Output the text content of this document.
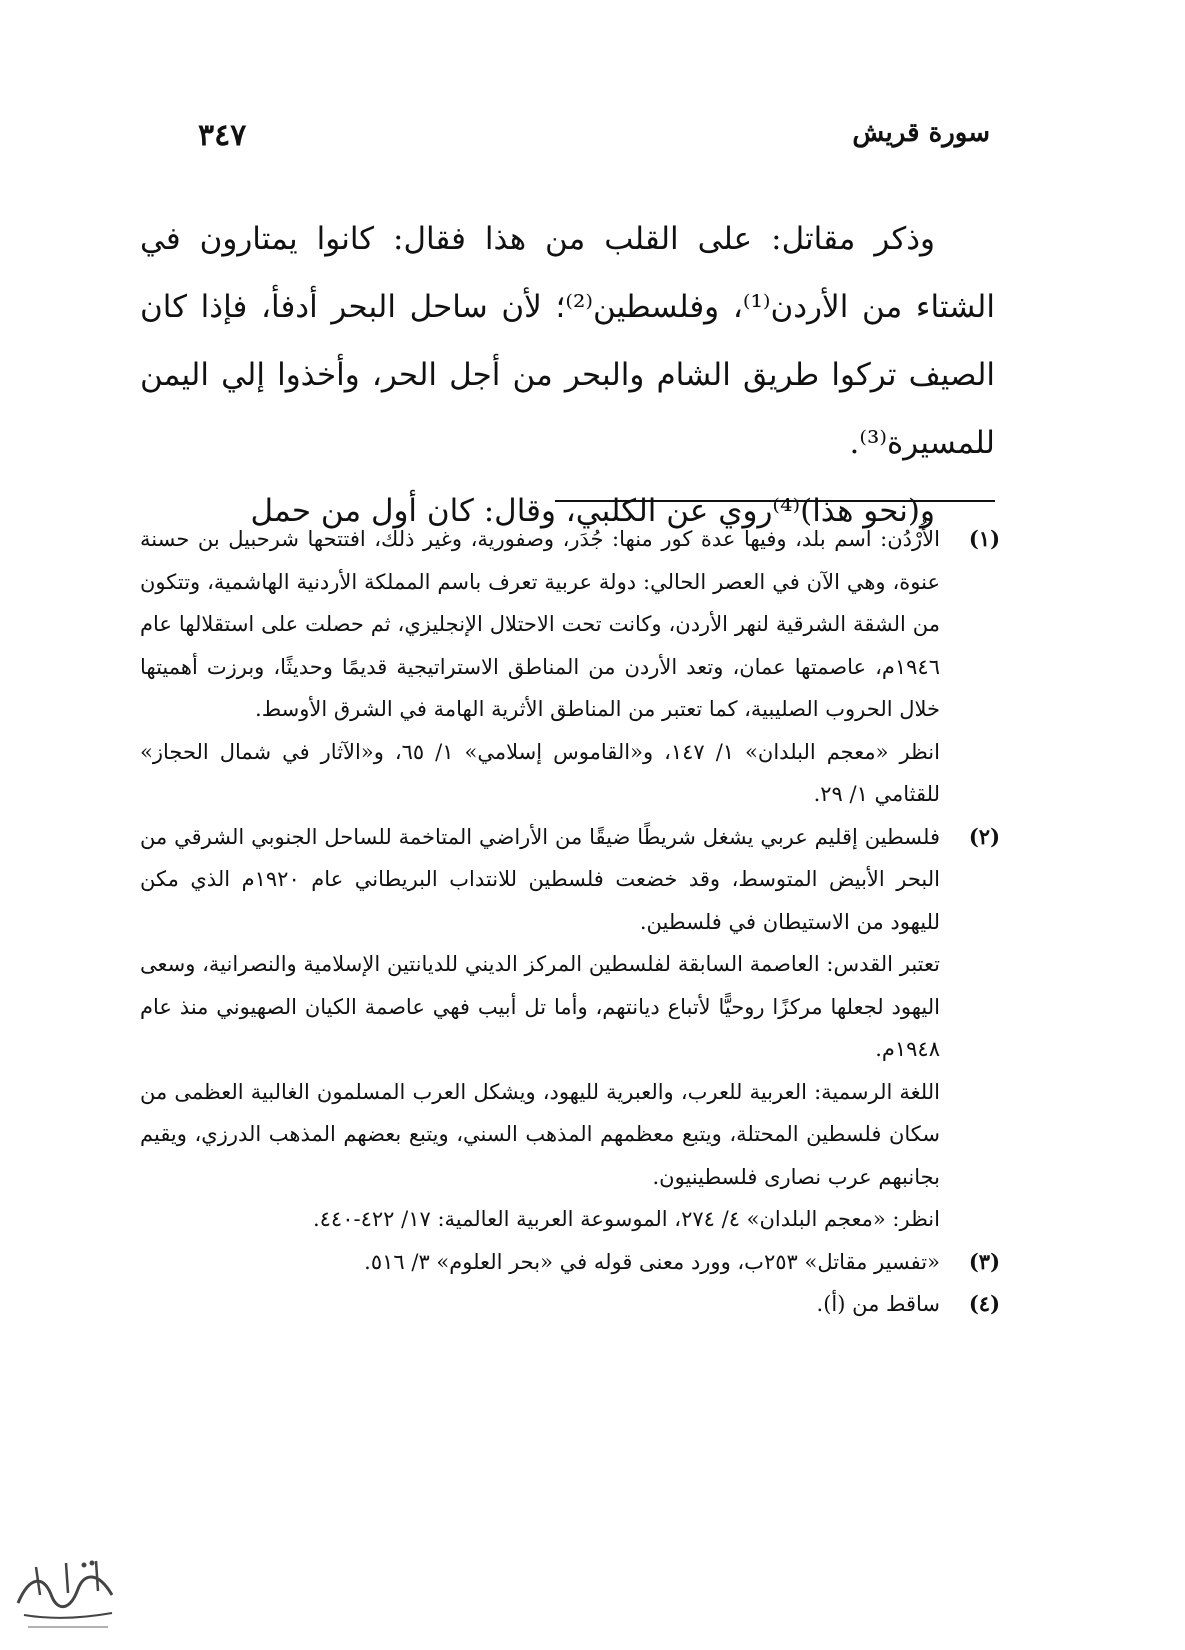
سورة قريش
٣٤٧

وذكر مقاتل: على القلب من هذا فقال: كانوا يمتارون في الشتاء من الأردن⁽¹⁾، وفلسطين⁽²⁾؛ لأن ساحل البحر أدفأ، فإذا كان الصيف تركوا طريق الشام والبحر من أجل الحر، وأخذوا إلي اليمن للمسيرة⁽³⁾.

و(نحو هذا)⁽⁴⁾روي عن الكلبي، وقال: كان أول من حمل

(١)

الأُرْدُن: اسم بلد، وفيها عدة كور منها: جُدَر، وصفورية، وغير ذلك، افتتحها شرحبيل بن حسنة عنوة، وهي الآن في العصر الحالي: دولة عربية تعرف باسم المملكة الأردنية الهاشمية، وتتكون من الشقة الشرقية لنهر الأردن، وكانت تحت الاحتلال الإنجليزي، ثم حصلت على استقلالها عام ١٩٤٦م، عاصمتها عمان، وتعد الأردن من المناطق الاستراتيجية قديمًا وحديثًا، وبرزت أهميتها خلال الحروب الصليبية، كما تعتبر من المناطق الأثرية الهامة في الشرق الأوسط.

انظر «معجم البلدان» ١/ ١٤٧، و«القاموس إسلامي» ١/ ٦٥، و«الآثار في شمال الحجاز» للقثامي ١/ ٢٩.

(٢)

فلسطين إقليم عربي يشغل شريطًا ضيقًا من الأراضي المتاخمة للساحل الجنوبي الشرقي من البحر الأبيض المتوسط، وقد خضعت فلسطين للانتداب البريطاني عام ١٩٢٠م الذي مكن لليهود من الاستيطان في فلسطين.

تعتبر القدس: العاصمة السابقة لفلسطين المركز الديني للديانتين الإسلامية والنصرانية، وسعى اليهود لجعلها مركزًا روحيًّا لأتباع ديانتهم، وأما تل أبيب فهي عاصمة الكيان الصهيوني منذ عام ١٩٤٨م.

اللغة الرسمية: العربية للعرب، والعبرية لليهود، ويشكل العرب المسلمون الغالبية العظمى من سكان فلسطين المحتلة، ويتبع معظمهم المذهب السني، ويتبع بعضهم المذهب الدرزي، ويقيم بجانبهم عرب نصارى فلسطينيون.

انظر: «معجم البلدان» ٤/ ٢٧٤، الموسوعة العربية العالمية: ١٧/ ٤٢٢-٤٤٠.

(٣)

«تفسير مقاتل» ٢٥٣ب، وورد معنى قوله في «بحر العلوم» ٣/ ٥١٦.

(٤)

ساقط من (أ).
